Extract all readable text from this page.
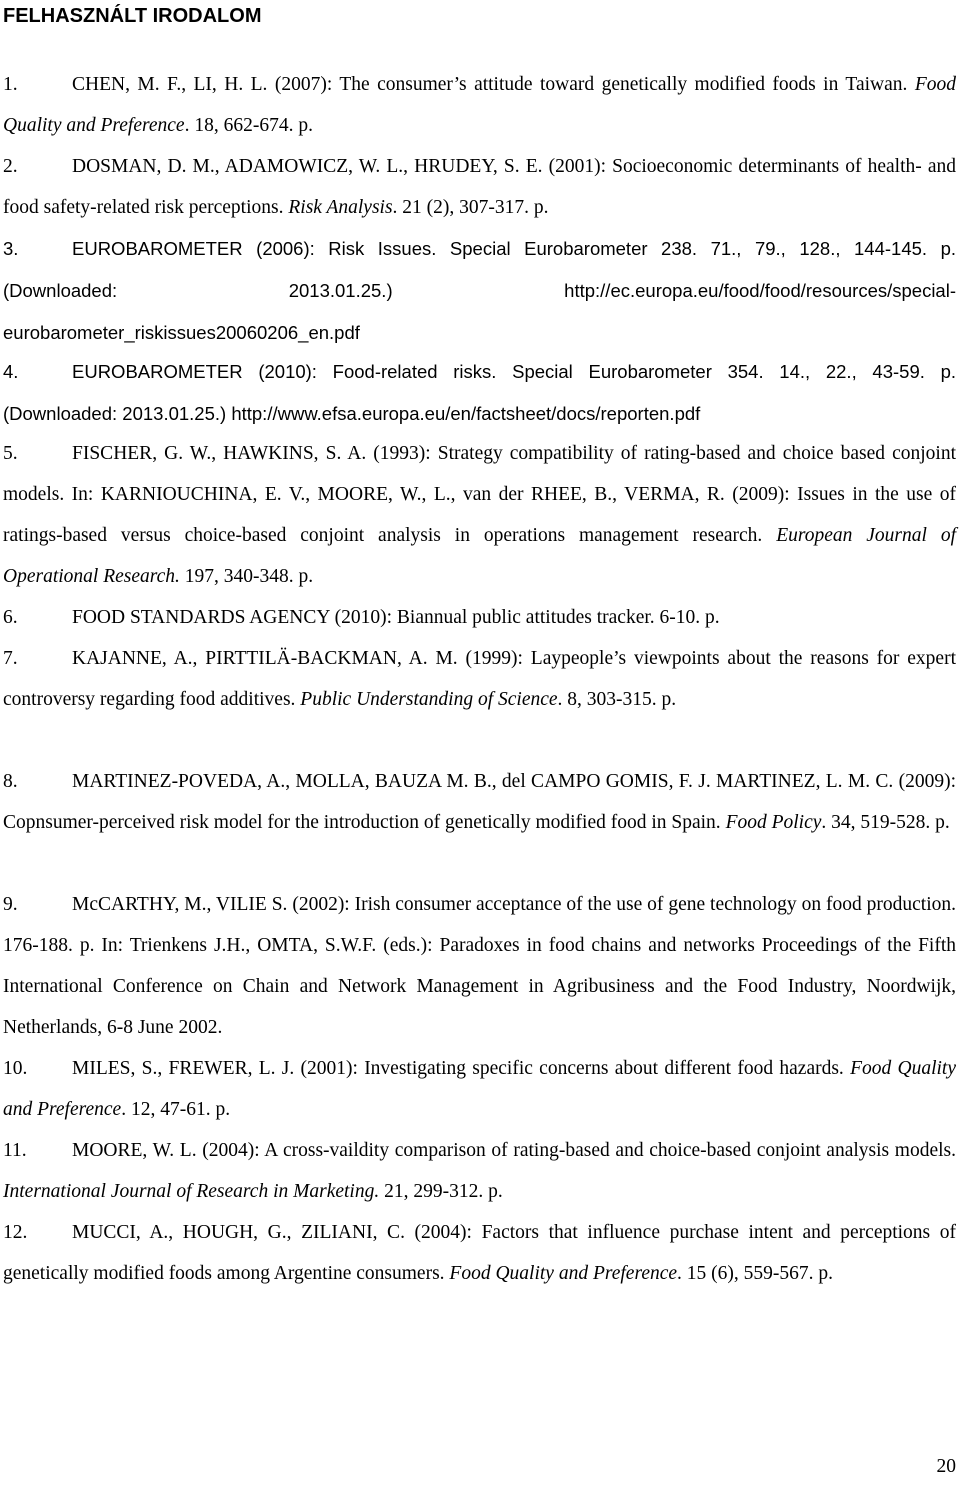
FELHASZNÁLT IRODALOM
1.	CHEN, M. F., LI, H. L. (2007): The consumer’s attitude toward genetically modified foods in Taiwan. Food Quality and Preference. 18, 662-674. p.
2.	DOSMAN, D. M., ADAMOWICZ, W. L., HRUDEY, S. E. (2001): Socioeconomic determinants of health- and food safety-related risk perceptions. Risk Analysis. 21 (2), 307-317. p.
3.	EUROBAROMETER (2006): Risk Issues. Special Eurobarometer 238. 71., 79., 128., 144-145. p. (Downloaded: 2013.01.25.) http://ec.europa.eu/food/food/resources/special-eurobarometer_riskissues20060206_en.pdf
4.	EUROBAROMETER (2010): Food-related risks. Special Eurobarometer 354. 14., 22., 43-59. p. (Downloaded: 2013.01.25.) http://www.efsa.europa.eu/en/factsheet/docs/reporten.pdf
5.	FISCHER, G. W., HAWKINS, S. A. (1993): Strategy compatibility of rating-based and choice based conjoint models. In: KARNIOUCHINA, E. V., MOORE, W., L., van der RHEE, B., VERMA, R. (2009): Issues in the use of ratings-based versus choice-based conjoint analysis in operations management research. European Journal of Operational Research. 197, 340-348. p.
6.	FOOD STANDARDS AGENCY (2010): Biannual public attitudes tracker. 6-10. p.
7.	KAJANNE, A., PIRTTILÄ-BACKMAN, A. M. (1999): Laypeople’s viewpoints about the reasons for expert controversy regarding food additives. Public Understanding of Science. 8, 303-315. p.
8.	MARTINEZ-POVEDA, A., MOLLA, BAUZA M. B., del CAMPO GOMIS, F. J. MARTINEZ, L. M. C. (2009): Copnsumer-perceived risk model for the introduction of genetically modified food in Spain. Food Policy. 34, 519-528. p.
9.	McCARTHY, M., VILIE S. (2002): Irish consumer acceptance of the use of gene technology on food production. 176-188. p. In: Trienkens J.H., OMTA, S.W.F. (eds.): Paradoxes in food chains and networks Proceedings of the Fifth International Conference on Chain and Network Management in Agribusiness and the Food Industry, Noordwijk, Netherlands, 6-8 June 2002.
10. MILES, S., FREWER, L. J. (2001): Investigating specific concerns about different food hazards. Food Quality and Preference. 12, 47-61. p.
11. MOORE, W. L. (2004): A cross-vaildity comparison of rating-based and choice-based conjoint analysis models. International Journal of Research in Marketing. 21, 299-312. p.
12. MUCCI, A., HOUGH, G., ZILIANI, C. (2004): Factors that influence purchase intent and perceptions of genetically modified foods among Argentine consumers. Food Quality and Preference. 15 (6), 559-567. p.
20
